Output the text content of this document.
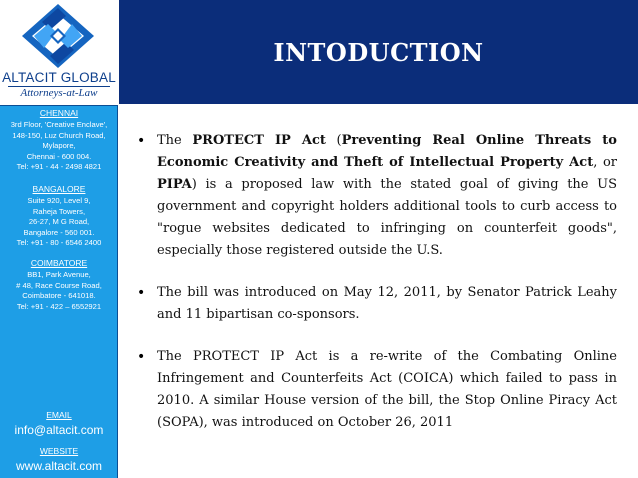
ALTACIT GLOBAL
Attorneys-at-Law
CHENNAI
3rd Floor, 'Creative Enclave',
148-150, Luz Church Road,
Mylapore,
Chennai - 600 004.
Tel: +91 - 44 - 2498 4821
BANGALORE
Suite 920, Level 9,
Raheja Towers,
26-27, M G Road,
Bangalore - 560 001.
Tel: +91 - 80 - 6546 2400
COIMBATORE
BB1, Park Avenue,
# 48, Race Course Road,
Coimbatore - 641018.
Tel: +91 - 422 – 6552921
EMAIL
info@altacit.com
WEBSITE
www.altacit.com
INTODUCTION
• The PROTECT IP Act (Preventing Real Online Threats to Economic Creativity and Theft of Intellectual Property Act, or PIPA) is a proposed law with the stated goal of giving the US government and copyright holders additional tools to curb access to "rogue websites dedicated to infringing on counterfeit goods", especially those registered outside the U.S.

• The bill was introduced on May 12, 2011, by Senator Patrick Leahy and 11 bipartisan co-sponsors.

• The PROTECT IP Act is a re-write of the Combating Online Infringement and Counterfeits Act (COICA) which failed to pass in 2010. A similar House version of the bill, the Stop Online Piracy Act (SOPA), was introduced on October 26, 2011
